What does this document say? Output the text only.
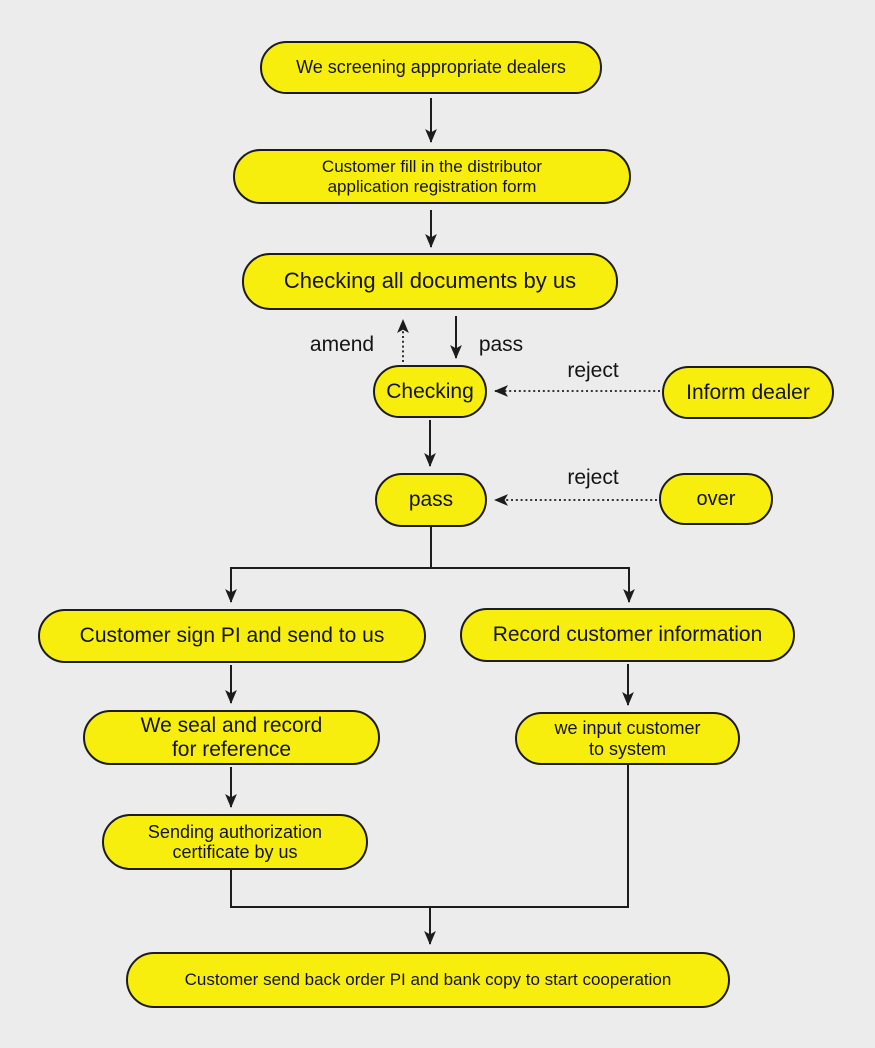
We screening appropriate dealers
Customer fill in the distributor
application registration form
Checking all documents by us
amend	pass
Checking
reject
Inform dealer
pass
reject
over
Customer sign PI and send to us	Record customer information
We seal and record
for reference
we input customer
to system
Sending authorization
certificate by us
Customer send back order PI and bank copy to start cooperation
